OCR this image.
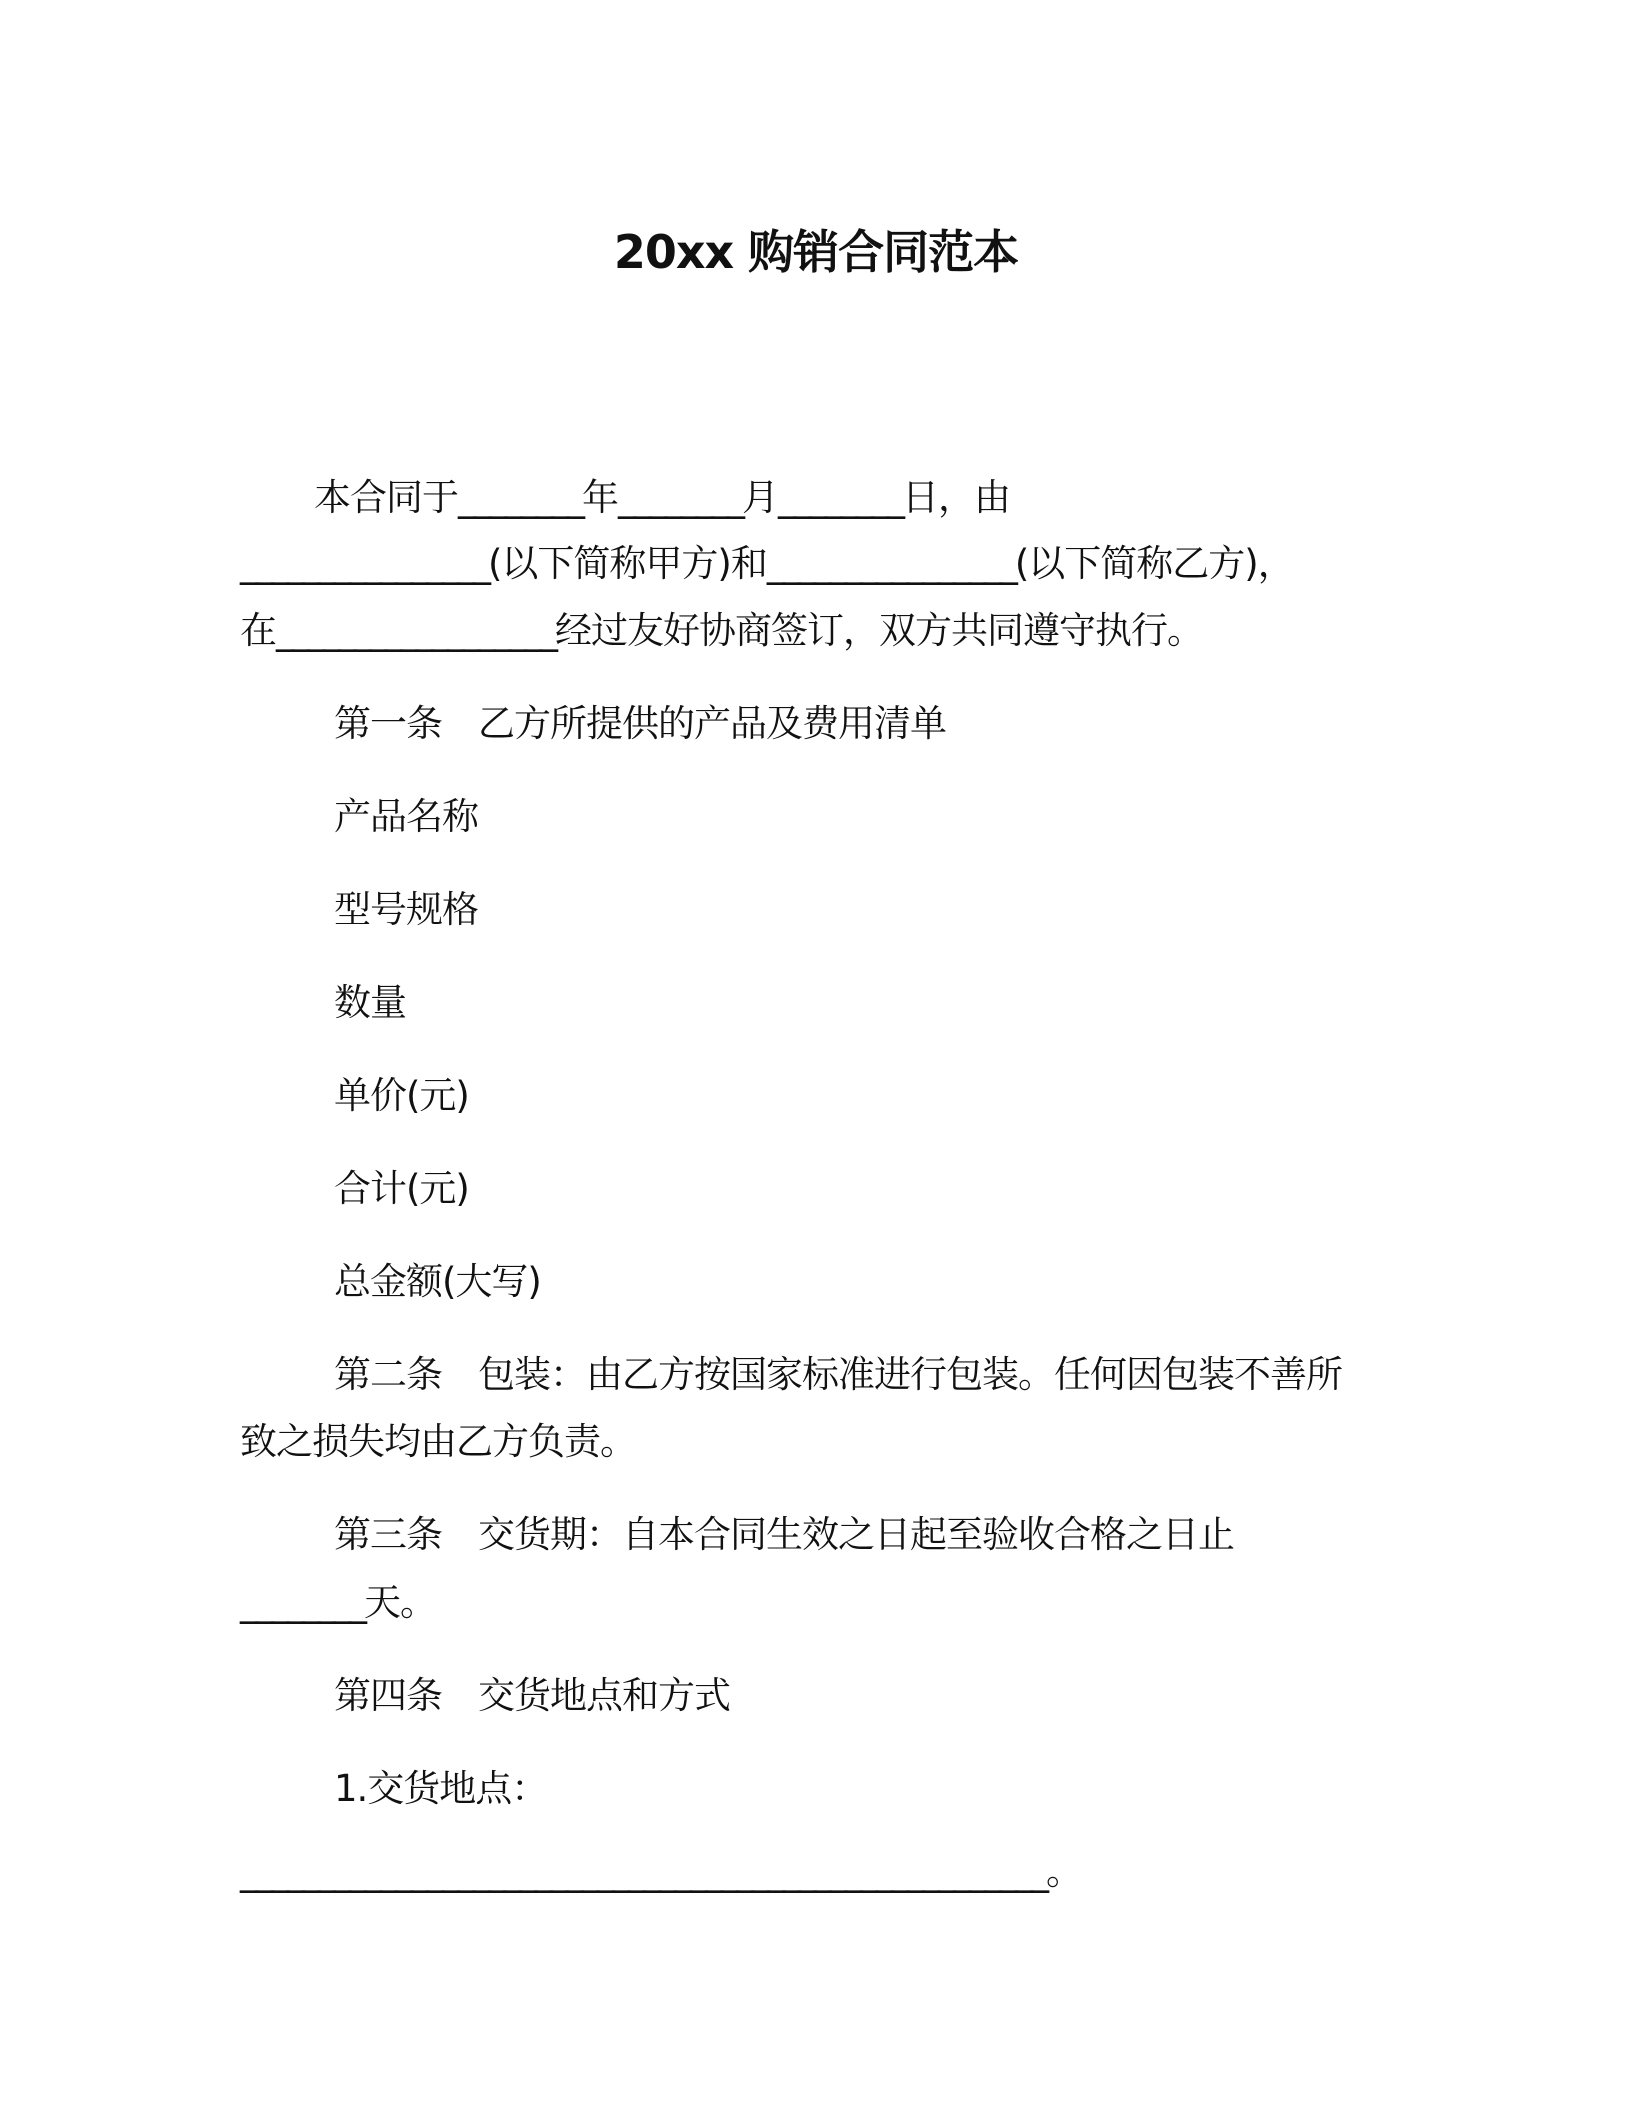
20xx 购销合同范本
本合同于________年________月________日，由
________________(以下简称甲方)和________________(以下简称乙方)，
在__________________经过友好协商签订，双方共同遵守执行。
第一条　乙方所提供的产品及费用清单
产品名称
型号规格
数量
单价(元)
合计(元)
总金额(大写)
第二条　包装：由乙方按国家标准进行包装。任何因包装不善所
致之损失均由乙方负责。
第三条　交货期：自本合同生效之日起至验收合格之日止
________天。
第四条　交货地点和方式
1.交货地点：
____________________________________________________。
